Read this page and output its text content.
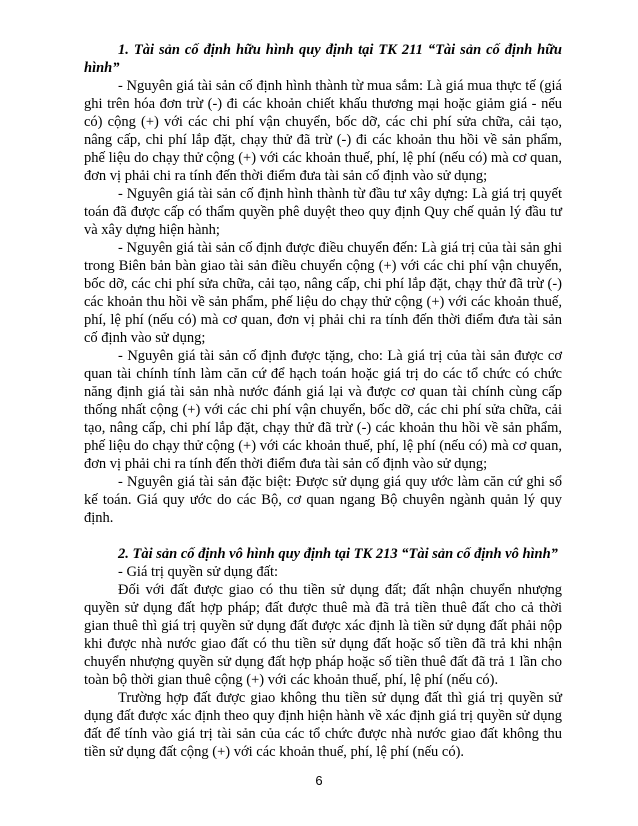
1. Tài sản cố định hữu hình quy định tại TK 211 “Tài sản cố định hữu hình”

- Nguyên giá tài sản cố định hình thành từ mua sắm: Là giá mua thực tế (giá ghi trên hóa đơn trừ (-) đi các khoản chiết khấu thương mại hoặc giảm giá - nếu có) cộng (+) với các chi phí vận chuyển, bốc dỡ, các chi phí sửa chữa, cải tạo, nâng cấp, chi phí lắp đặt, chạy thử đã trừ (-) đi các khoản thu hồi về sản phẩm, phế liệu do chạy thử cộng (+) với các khoản thuế, phí, lệ phí (nếu có) mà cơ quan, đơn vị phải chi ra tính đến thời điểm đưa tài sản cố định vào sử dụng;

- Nguyên giá tài sản cố định hình thành từ đầu tư xây dựng: Là giá trị quyết toán đã được cấp có thẩm quyền phê duyệt theo quy định Quy chế quản lý đầu tư và xây dựng hiện hành;

- Nguyên giá tài sản cố định được điều chuyển đến: Là giá trị của tài sản ghi trong Biên bản bàn giao tài sản điều chuyển cộng (+) với các chi phí vận chuyển, bốc dỡ, các chi phí sửa chữa, cải tạo, nâng cấp, chi phí lắp đặt, chạy thử đã trừ (-) các khoản thu hồi về sản phẩm, phế liệu do chạy thử cộng (+) với các khoản thuế, phí, lệ phí (nếu có) mà cơ quan, đơn vị phải chi ra tính đến thời điểm đưa tài sản cố định vào sử dụng;

- Nguyên giá tài sản cố định được tặng, cho: Là giá trị của tài sản được cơ quan tài chính tính làm căn cứ để hạch toán hoặc giá trị do các tổ chức có chức năng định giá tài sản nhà nước đánh giá lại và được cơ quan tài chính cùng cấp thống nhất cộng (+) với các chi phí vận chuyển, bốc dỡ, các chi phí sửa chữa, cải tạo, nâng cấp, chi phí lắp đặt, chạy thử đã trừ (-) các khoản thu hồi về sản phẩm, phế liệu do chạy thử cộng (+) với các khoản thuế, phí, lệ phí (nếu có) mà cơ quan, đơn vị phải chi ra tính đến thời điểm đưa tài sản cố định vào sử dụng;

- Nguyên giá tài sản đặc biệt: Được sử dụng giá quy ước làm căn cứ ghi sổ kế toán. Giá quy ước do các Bộ, cơ quan ngang Bộ chuyên ngành quản lý quy định.

2. Tài sản cố định vô hình quy định tại TK 213 “Tài sản cố định vô hình”

- Giá trị quyền sử dụng đất:

Đối với đất được giao có thu tiền sử dụng đất; đất nhận chuyển nhượng quyền sử dụng đất hợp pháp; đất được thuê mà đã trả tiền thuê đất cho cả thời gian thuê thì giá trị quyền sử dụng đất được xác định là tiền sử dụng đất phải nộp khi được nhà nước giao đất có thu tiền sử dụng đất hoặc số tiền đã trả khi nhận chuyển nhượng quyền sử dụng đất hợp pháp hoặc số tiền thuê đất đã trả 1 lần cho toàn bộ thời gian thuê cộng (+) với các khoản thuế, phí, lệ phí (nếu có).

Trường hợp đất được giao không thu tiền sử dụng đất thì giá trị quyền sử dụng đất được xác định theo quy định hiện hành về xác định giá trị quyền sử dụng đất để tính vào giá trị tài sản của các tổ chức được nhà nước giao đất không thu tiền sử dụng đất cộng (+) với các khoản thuế, phí, lệ phí (nếu có).

6
